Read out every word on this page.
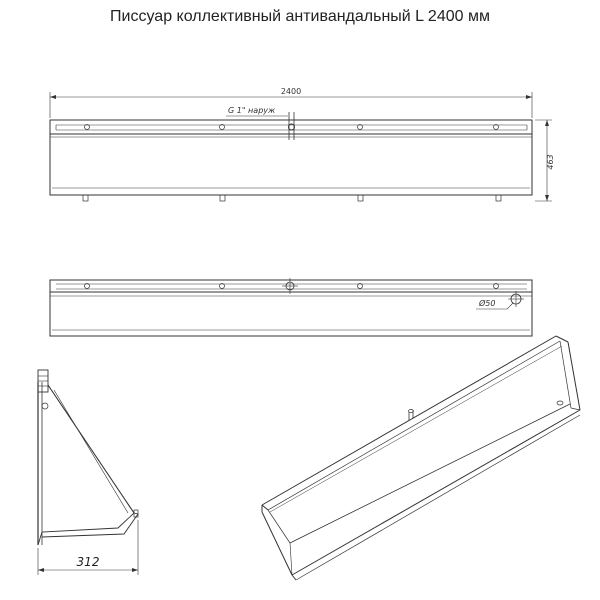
Писсуар коллективный антивандальный L 2400 мм
2400
G 1" наруж
463
Ø50
312
